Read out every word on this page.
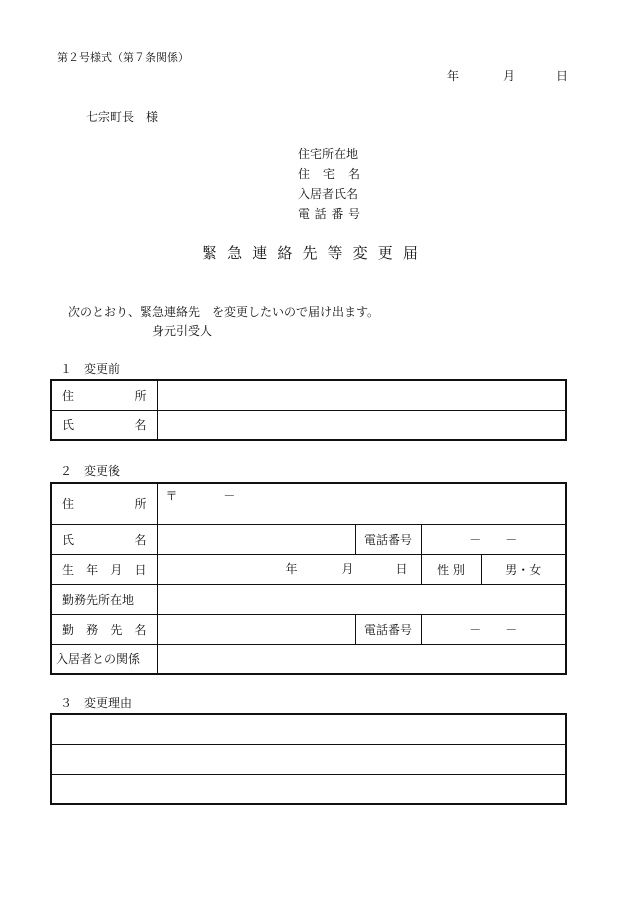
第２号様式（第７条関係）
年	月	日
七宗町長　様
住宅所在地
住 宅 名
入居者氏名
電 話 番 号
緊 急 連 絡 先 等 変 更 届
次のとおり、緊急連絡先　を変更したいので届け出ます。
身元引受人
１　変更前
住 所	

氏 名	

２　変更後
住 所	〒 －			

氏 名		電話番号	－　　－	

生 年 月 日	年 月 日		性 別	男・女
勤務先所在地				

勤 務 先 名		電話番号	－　　－	
入居者との関係				
３　変更理由
